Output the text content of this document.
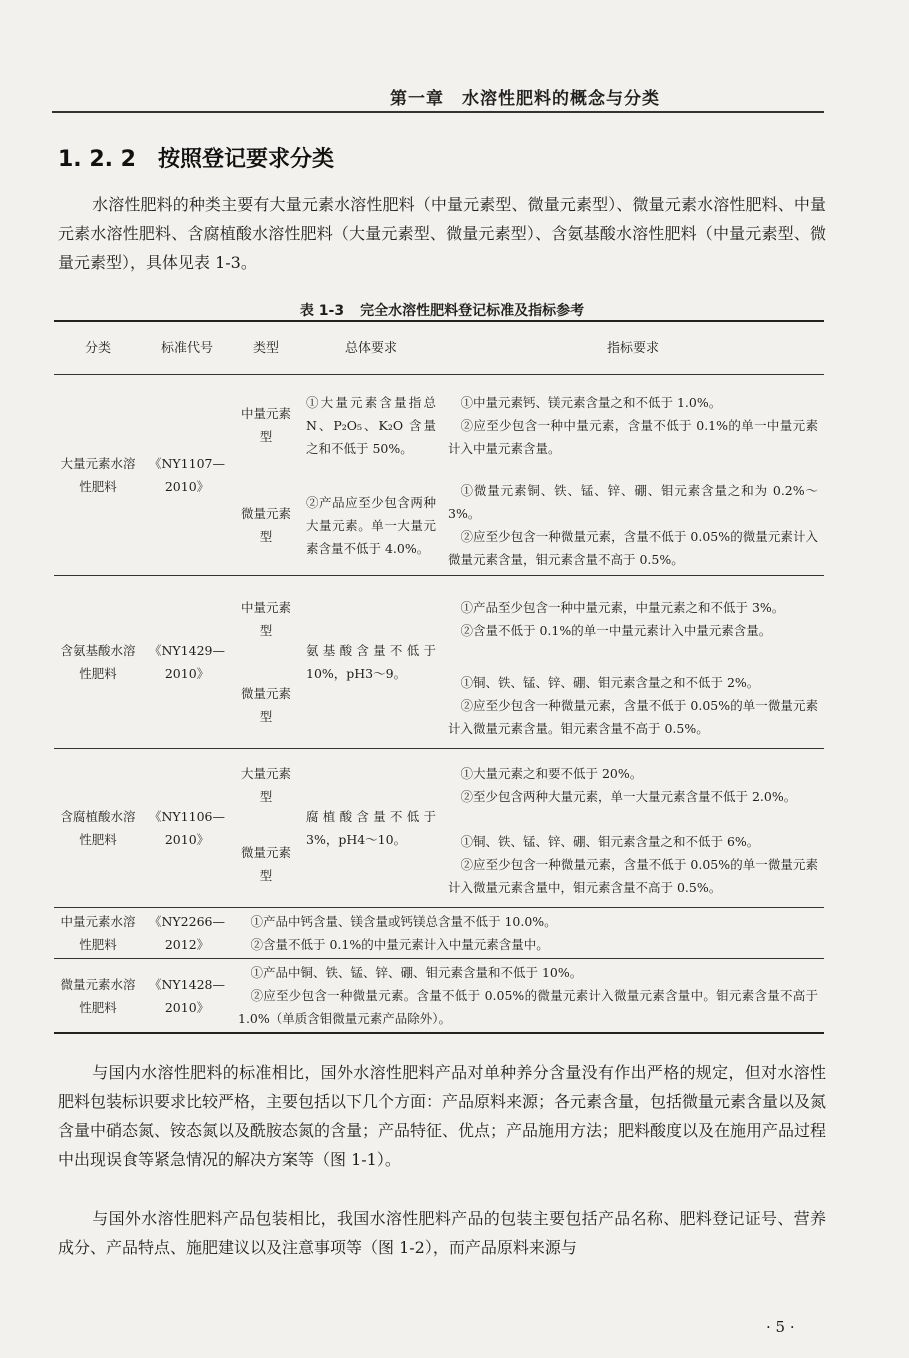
第一章　水溶性肥料的概念与分类
1. 2. 2 按照登记要求分类
水溶性肥料的种类主要有大量元素水溶性肥料（中量元素型、微量元素型）、微量元素水溶性肥料、中量元素水溶性肥料、含腐植酸水溶性肥料（大量元素型、微量元素型）、含氨基酸水溶性肥料（中量元素型、微量元素型），具体见表 1-3。
表 1-3 完全水溶性肥料登记标准及指标参考
分类	标准代号	类型	总体要求	指标要求
大量元素水溶性肥料	《NY1107—2010》	中量元素型	①大量元素含量指总 N、P₂O₅、K₂O 含量之和不低于 50%。	①中量元素钙、镁元素含量之和不低于 1.0%。
②应至少包含一种中量元素，含量不低于 0.1%的单一中量元素计入中量元素含量。

		微量元素型	②产品应至少包含两种大量元素。单一大量元素含量不低于 4.0%。	①微量元素铜、铁、锰、锌、硼、钼元素含量之和为 0.2%～3%。
②应至少包含一种微量元素，含量不低于 0.05%的微量元素计入微量元素含量，钼元素含量不高于 0.5%。

含氨基酸水溶性肥料	《NY1429—2010》	中量元素型	氨基酸含量不低于 10%，pH3～9。	①产品至少包含一种中量元素，中量元素之和不低于 3%。
②含量不低于 0.1%的单一中量元素计入中量元素含量。

		微量元素型		①铜、铁、锰、锌、硼、钼元素含量之和不低于 2%。
②应至少包含一种微量元素，含量不低于 0.05%的单一微量元素计入微量元素含量。钼元素含量不高于 0.5%。

含腐植酸水溶性肥料	《NY1106—2010》	大量元素型	腐植酸含量不低于 3%，pH4～10。	①大量元素之和要不低于 20%。
②至少包含两种大量元素，单一大量元素含量不低于 2.0%。

		微量元素型		①铜、铁、锰、锌、硼、钼元素含量之和不低于 6%。
②应至少包含一种微量元素，含量不低于 0.05%的单一微量元素计入微量元素含量中，钼元素含量不高于 0.5%。

中量元素水溶性肥料	《NY2266—2012》	①产品中钙含量、镁含量或钙镁总含量不低于 10.0%。
②含量不低于 0.1%的中量元素计入中量元素含量中。		

微量元素水溶性肥料	《NY1428—2010》	①产品中铜、铁、锰、锌、硼、钼元素含量和不低于 10%。
②应至少包含一种微量元素。含量不低于 0.05%的微量元素计入微量元素含量中。钼元素含量不高于 1.0%（单质含钼微量元素产品除外）。		
与国内水溶性肥料的标准相比，国外水溶性肥料产品对单种养分含量没有作出严格的规定，但对水溶性肥料包装标识要求比较严格，主要包括以下几个方面：产品原料来源；各元素含量，包括微量元素含量以及氮含量中硝态氮、铵态氮以及酰胺态氮的含量；产品特征、优点；产品施用方法；肥料酸度以及在施用产品过程中出现误食等紧急情况的解决方案等（图 1-1）。
与国外水溶性肥料产品包装相比，我国水溶性肥料产品的包装主要包括产品名称、肥料登记证号、营养成分、产品特点、施肥建议以及注意事项等（图 1-2），而产品原料来源与
· 5 ·
